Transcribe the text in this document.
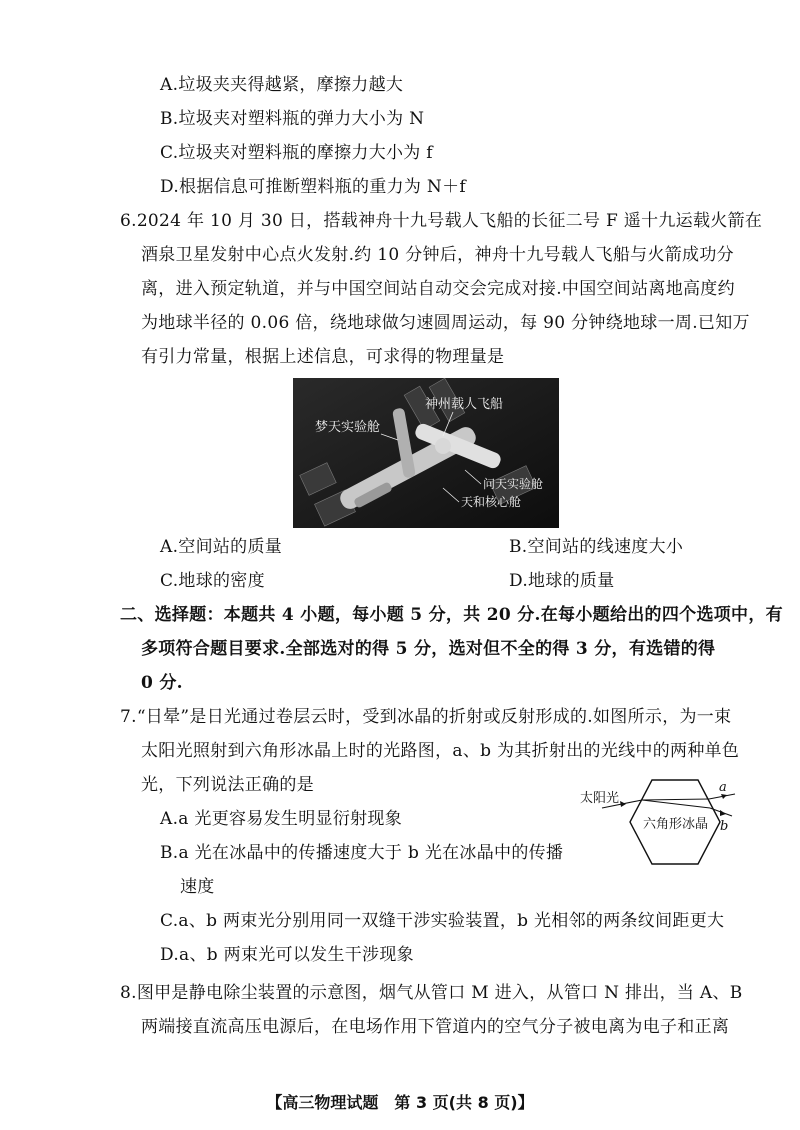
A.垃圾夹夹得越紧，摩擦力越大
B.垃圾夹对塑料瓶的弹力大小为 N
C.垃圾夹对塑料瓶的摩擦力大小为 f
D.根据信息可推断塑料瓶的重力为 N＋f
6.2024 年 10 月 30 日，搭载神舟十九号载人飞船的长征二号 F 遥十九运载火箭在
酒泉卫星发射中心点火发射.约 10 分钟后，神舟十九号载人飞船与火箭成功分
离，进入预定轨道，并与中国空间站自动交会完成对接.中国空间站离地高度约
为地球半径的 0.06 倍，绕地球做匀速圆周运动，每 90 分钟绕地球一周.已知万
有引力常量，根据上述信息，可求得的物理量是
神州载人飞船
梦天实验舱
问天实验舱
天和核心舱
A.空间站的质量	B.空间站的线速度大小
C.地球的密度	D.地球的质量
二、选择题：本题共 4 小题，每小题 5 分，共 20 分.在每小题给出的四个选项中，有
多项符合题目要求.全部选对的得 5 分，选对但不全的得 3 分，有选错的得
0 分.
7.“日晕”是日光通过卷层云时，受到冰晶的折射或反射形成的.如图所示，为一束
太阳光照射到六角形冰晶上时的光路图，a、b 为其折射出的光线中的两种单色
光，下列说法正确的是
A.a 光更容易发生明显衍射现象
B.a 光在冰晶中的传播速度大于 b 光在冰晶中的传播
速度
C.a、b 两束光分别用同一双缝干涉实验装置，b 光相邻的两条纹间距更大
D.a、b 两束光可以发生干涉现象
太阳光
六角形冰晶
a
b
8.图甲是静电除尘装置的示意图，烟气从管口 M 进入，从管口 N 排出，当 A、B
两端接直流高压电源后，在电场作用下管道内的空气分子被电离为电子和正离
【高三物理试题　第 3 页(共 8 页)】
